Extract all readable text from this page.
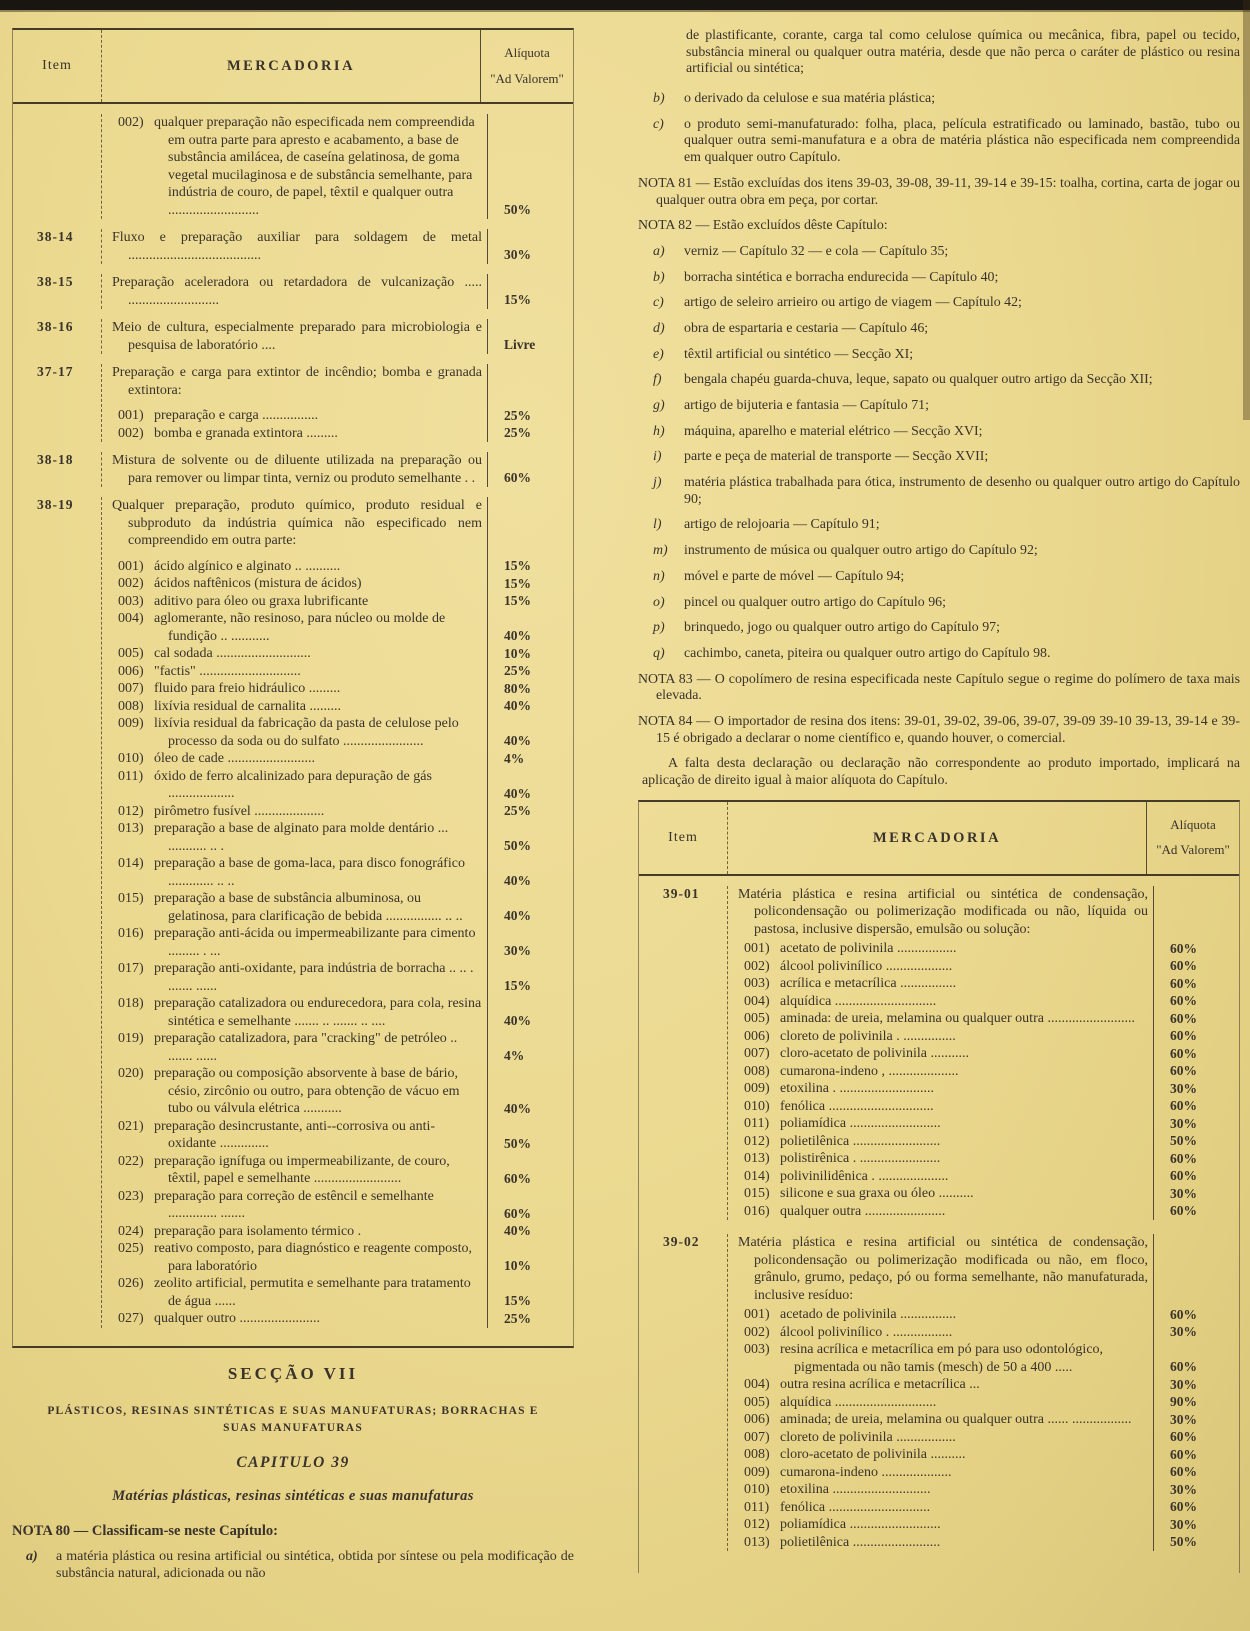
Item	MERCADORIA
Alíquota
"Ad Valorem"
002) qualquer preparação não especificada nem compreendida em outra parte para apresto e acabamento, a base de substância amilácea, de caseína gelatinosa, de goma vegetal mucilaginosa e de substância semelhante, para indústria de couro, de papel, têxtil e qualquer outra ..........................	50%
38-14	Fluxo e preparação auxiliar para soldagem de metal ......................................	30%
38-15	Preparação aceleradora ou retardadora de vulcanização ..... ..........................	15%
38-16	Meio de cultura, especialmente preparado para microbiologia e pesquisa de laboratório ....	Livre
37-17	Preparação e carga para extintor de incêndio; bomba e granada extintora:
001) preparação e carga ................	25%
002) bomba e granada extintora .........	25%
38-18	Mistura de solvente ou de diluente utilizada na preparação ou para remover ou limpar tinta, verniz ou produto semelhante . .	60%
38-19	Qualquer preparação, produto químico, produto residual e subproduto da indústria química não especificado nem compreendido em outra parte:
001) ácido algínico e alginato .. ..........	15%
002) ácidos naftênicos (mistura de ácidos)	15%
003) aditivo para óleo ou graxa lubrificante	15%
004) aglomerante, não resinoso, para núcleo ou molde de fundição .. ...........	40%
005) cal sodada ...........................	10%
006) "factis" .............................	25%
007) fluido para freio hidráulico .........	80%
008) lixívia residual de carnalita .........	40%
009) lixívia residual da fabricação da pasta de celulose pelo processo da soda ou do sulfato .......................	40%
010) óleo de cade .........................	4%
011) óxido de ferro alcalinizado para depuração de gás ...................	40%
012) pirômetro fusível ....................	25%
013) preparação a base de alginato para molde dentário ... ........... .. .	50%
014) preparação a base de goma-laca, para disco fonográfico ............. .. ..	40%
015) preparação a base de substância albuminosa, ou gelatinosa, para clarificação de bebida ................ .. ..	40%
016) preparação anti-ácida ou impermeabilizante para cimento ......... . ...	30%
017) preparação anti-oxidante, para indústria de borracha .. .. . ....... ......	15%
018) preparação catalizadora ou endurecedora, para cola, resina sintética e semelhante ....... .. ....... .. ....	40%
019) preparação catalizadora, para "cracking" de petróleo .. ....... ......	4%
020) preparação ou composição absorvente à base de bário, césio, zircônio ou outro, para obtenção de vácuo em tubo ou válvula elétrica ...........	40%
021) preparação desincrustante, anti--corrosiva ou anti-oxidante ..............	50%
022) preparação ignífuga ou impermeabilizante, de couro, têxtil, papel e semelhante .........................	60%
023) preparação para correção de estêncil e semelhante .............. .......	60%
024) preparação para isolamento térmico .	40%
025) reativo composto, para diagnóstico e reagente composto, para laboratório	10%
026) zeolito artificial, permutita e semelhante para tratamento de água ......	15%
027) qualquer outro .......................	25%
SECÇÃO VII
PLÁSTICOS, RESINAS SINTÉTICAS E SUAS MANUFATURAS; BORRACHAS E SUAS MANUFATURAS
CAPITULO 39
Matérias plásticas, resinas sintéticas e suas manufaturas

NOTA 80 — Classificam-se neste Capítulo:

a)	a matéria plástica ou resina artificial ou sintética, obtida por síntese ou pela modificação de substância natural, adicionada ou não

de plastificante, corante, carga tal como celulose química ou mecânica, fibra, papel ou tecido, substância mineral ou qualquer outra matéria, desde que não perca o caráter de plástico ou resina artificial ou sintética;

b)	o derivado da celulose e sua matéria plástica;
c)	o produto semi-manufaturado: folha, placa, película estratificado ou laminado, bastão, tubo ou qualquer outra semi-manufatura e a obra de matéria plástica não especificada nem compreendida em qualquer outro Capítulo.

NOTA 81 — Estão excluídas dos itens 39-03, 39-08, 39-11, 39-14 e 39-15: toalha, cortina, carta de jogar ou qualquer outra obra em peça, por cortar.

NOTA 82 — Estão excluídos dêste Capítulo:

a)	verniz — Capítulo 32 — e cola — Capítulo 35;
b)	borracha sintética e borracha endurecida — Capítulo 40;
c)	artigo de seleiro arrieiro ou artigo de viagem — Capítulo 42;
d)	obra de espartaria e cestaria — Capítulo 46;
e)	têxtil artificial ou sintético — Secção XI;
f)	bengala chapéu guarda-chuva, leque, sapato ou qualquer outro artigo da Secção XII;
g)	artigo de bijuteria e fantasia — Capítulo 71;
h)	máquina, aparelho e material elétrico — Secção XVI;
i)	parte e peça de material de transporte — Secção XVII;
j)	matéria plástica trabalhada para ótica, instrumento de desenho ou qualquer outro artigo do Capítulo 90;
l)	artigo de relojoaria — Capítulo 91;
m)	instrumento de música ou qualquer outro artigo do Capítulo 92;
n)	móvel e parte de móvel — Capítulo 94;
o)	pincel ou qualquer outro artigo do Capítulo 96;
p)	brinquedo, jogo ou qualquer outro artigo do Capítulo 97;
q)	cachimbo, caneta, piteira ou qualquer outro artigo do Capítulo 98.

NOTA 83 — O copolímero de resina especificada neste Capítulo segue o regime do polímero de taxa mais elevada.

NOTA 84 — O importador de resina dos itens: 39-01, 39-02, 39-06, 39-07, 39-09 39-10 39-13, 39-14 e 39-15 é obrigado a declarar o nome científico e, quando houver, o comercial.

A falta desta declaração ou declaração não correspondente ao produto importado, implicará na aplicação de direito igual à maior alíquota do Capítulo.

Item	MERCADORIA
Alíquota
"Ad Valorem"
39-01	Matéria plástica e resina artificial ou sintética de condensação, policondensação ou polimerização modificada ou não, líquida ou pastosa, inclusive dispersão, emulsão ou solução:
001) acetato de polivinila .................	60%
002) álcool polivinílico ...................	60%
003) acrílica e metacrílica ................	60%
004) alquídica .............................	60%
005) aminada: de ureia, melamina ou qualquer outra .........................	60%
006) cloreto de polivinila . ...............	60%
007) cloro-acetato de polivinila ...........	60%
008) cumarona-indeno , ....................	60%
009) etoxilina . ...........................	30%
010) fenólica ..............................	60%
011) poliamídica ..........................	30%
012) polietilênica .........................	50%
013) polistirênica . .......................	60%
014) polivinilidênica . ....................	60%
015) silicone e sua graxa ou óleo ..........	30%
016) qualquer outra .......................	60%
39-02	Matéria plástica e resina artificial ou sintética de condensação, policondensação ou polimerização modificada ou não, em floco, grânulo, grumo, pedaço, pó ou forma semelhante, não manufaturada, inclusive resíduo:
001) acetado de polivinila ................	60%
002) álcool polivinílico . .................	30%
003) resina acrílica e metacrílica em pó para uso odontológico, pigmentada ou não tamis (mesch) de 50 a 400 .....	60%
004) outra resina acrílica e metacrílica ...	30%
005) alquídica .............................	90%
006) aminada; de ureia, melamina ou qualquer outra ...... .................	30%
007) cloreto de polivinila .................	60%
008) cloro-acetato de polivinila ..........	60%
009) cumarona-indeno ....................	60%
010) etoxilina ............................	30%
011) fenólica .............................	60%
012) poliamídica ..........................	30%
013) polietilênica .........................	50%
